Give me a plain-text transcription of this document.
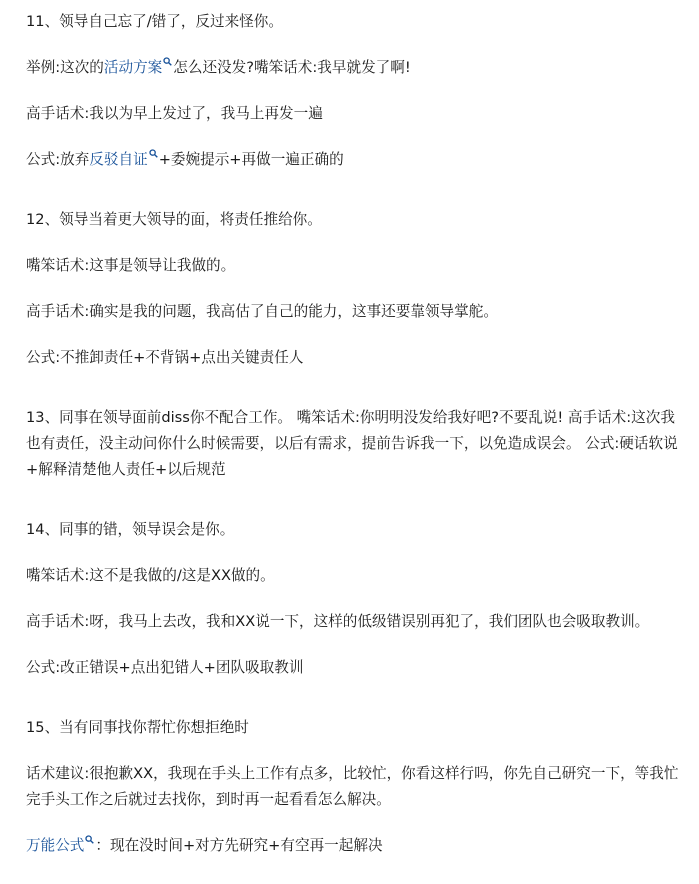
11、领导自己忘了/错了，反过来怪你。

举例:这次的活动方案 怎么还没发?嘴笨话术:我早就发了啊!

高手话术:我以为早上发过了，我马上再发一遍

公式:放弃反驳自证 +委婉提示+再做一遍正确的

12、领导当着更大领导的面，将责任推给你。

嘴笨话术:这事是领导让我做的。

高手话术:确实是我的问题，我高估了自己的能力，这事还要靠领导掌舵。

公式:不推卸责任+不背锅+点出关键责任人

13、同事在领导面前diss你不配合工作。 嘴笨话术:你明明没发给我好吧?不要乱说! 高手话术:这次我也有责任，没主动问你什么时候需要，以后有需求，提前告诉我一下，以免造成误会。 公式:硬话软说+解释清楚他人责任+以后规范

14、同事的错，领导误会是你。

嘴笨话术:这不是我做的/这是XX做的。

高手话术:呀，我马上去改，我和XX说一下，这样的低级错误别再犯了，我们团队也会吸取教训。

公式:改正错误+点出犯错人+团队吸取教训

15、当有同事找你帮忙你想拒绝时

话术建议:很抱歉XX，我现在手头上工作有点多，比较忙，你看这样行吗，你先自己研究一下，等我忙完手头工作之后就过去找你，到时再一起看看怎么解决。

万能公式 ：现在没时间+对方先研究+有空再一起解决
